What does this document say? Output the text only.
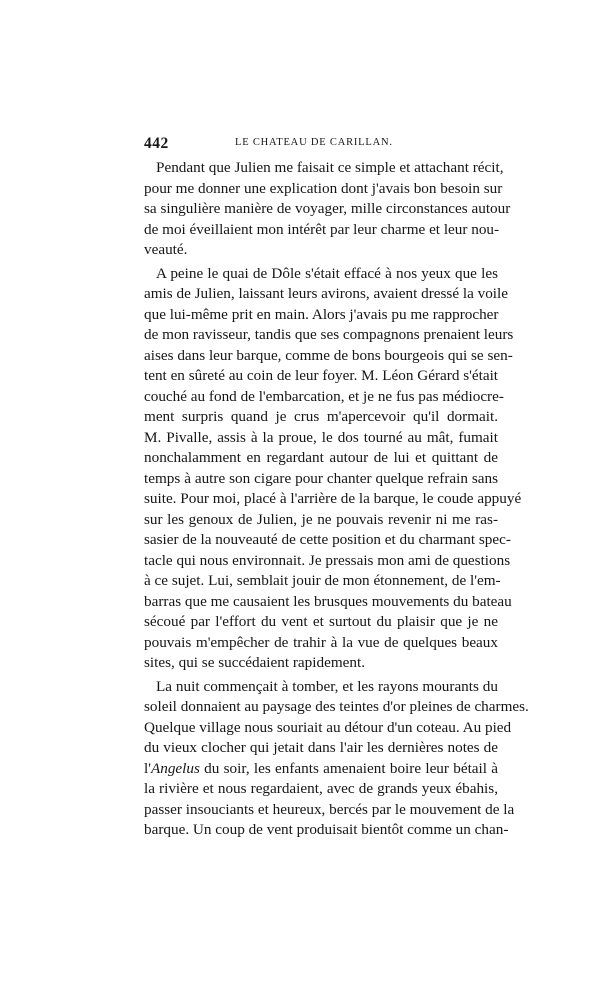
442	LE CHATEAU DE CARILLAN.
Pendant que Julien me faisait ce simple et attachant récit,
pour me donner une explication dont j'avais bon besoin sur
sa singulière manière de voyager, mille circonstances autour
de moi éveillaient mon intérêt par leur charme et leur nou-
veauté.
A peine le quai de Dôle s'était effacé à nos yeux que les
amis de Julien, laissant leurs avirons, avaient dressé la voile
que lui-même prit en main. Alors j'avais pu me rapprocher
de mon ravisseur, tandis que ses compagnons prenaient leurs
aises dans leur barque, comme de bons bourgeois qui se sen-
tent en sûreté au coin de leur foyer. M. Léon Gérard s'était
couché au fond de l'embarcation, et je ne fus pas médiocre-
ment surpris quand je crus m'apercevoir qu'il dormait.
M. Pivalle, assis à la proue, le dos tourné au mât, fumait
nonchalamment en regardant autour de lui et quittant de
temps à autre son cigare pour chanter quelque refrain sans
suite. Pour moi, placé à l'arrière de la barque, le coude appuyé
sur les genoux de Julien, je ne pouvais revenir ni me ras-
sasier de la nouveauté de cette position et du charmant spec-
tacle qui nous environnait. Je pressais mon ami de questions
à ce sujet. Lui, semblait jouir de mon étonnement, de l'em-
barras que me causaient les brusques mouvements du bateau
sécoué par l'effort du vent et surtout du plaisir que je ne
pouvais m'empêcher de trahir à la vue de quelques beaux
sites, qui se succédaient rapidement.
La nuit commençait à tomber, et les rayons mourants du
soleil donnaient au paysage des teintes d'or pleines de charmes.
Quelque village nous souriait au détour d'un coteau. Au pied
du vieux clocher qui jetait dans l'air les dernières notes de
l'Angelus du soir, les enfants amenaient boire leur bétail à
la rivière et nous regardaient, avec de grands yeux ébahis,
passer insouciants et heureux, bercés par le mouvement de la
barque. Un coup de vent produisait bientôt comme un chan-
